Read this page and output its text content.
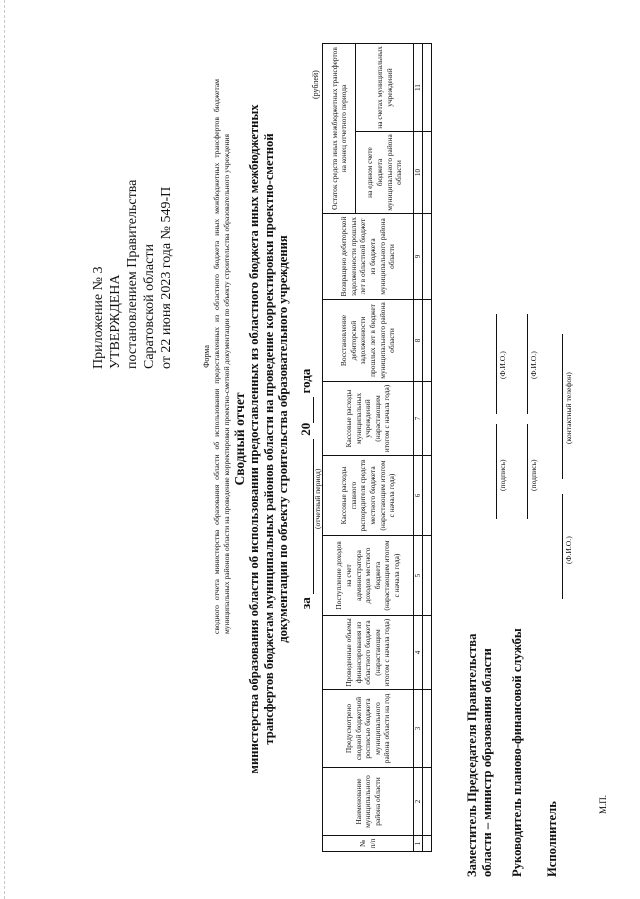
Приложение № 3 УТВЕРЖДЕНА постановлением Правительства Саратовской области от 22 июня 2023 года № 549-П	Форма сводного отчета министерства образования области об использовании предоставленных из областного бюджета иных межбюджетных трансфертов бюджетам муниципальных районов области на проведение корректировки проектно-сметной документации по объекту строительства образовательного учреждения Сводный отчет министерства образования области об использовании предоставленных из областного бюджета иных межбюджетных трансфертов бюджетам муниципальных районов области на проведение корректировки проектно-сметной документации по объекту строительства образовательного учреждения за  20 года
(отчетный период)
(рублей)
№ п/п	Наименование муниципального района области	Предусмотрено сводной бюджетной росписью бюджета муниципального района области на год	Проведенные объемы финансирования из областного бюджета (нарастающим итогом с начала года)	Поступление доходов на счет администратора доходов местного бюджета (нарастающим итогом с начала года)	Кассовые расходы главного распорядителя средств местного бюджета (нарастающим итогом с начала года)	Кассовые расходы муниципальных учреждений (нарастающим итогом с начала года)	Восстановление дебиторской задолженности прошлых лет в бюджет муниципального района области	Возвращено дебиторской задолженности прошлых лет в областной бюджет из бюджета муниципального района области	Остаток средств иных межбюджетных трансфертов на конец отчетного периода	
									на едином счете бюджета муниципального района области	на счетах муниципальных учреждений
1	2	3	4	5	6	7	8	9	10	11

Заместитель Председателя Правительства области – министр образования области
(подпись)
(Ф.И.О.)
Руководитель планово-финансовой службы
(подпись)
(Ф.И.О.)
Исполнитель
(Ф.И.О.)
(контактный телефон)
М.П.
